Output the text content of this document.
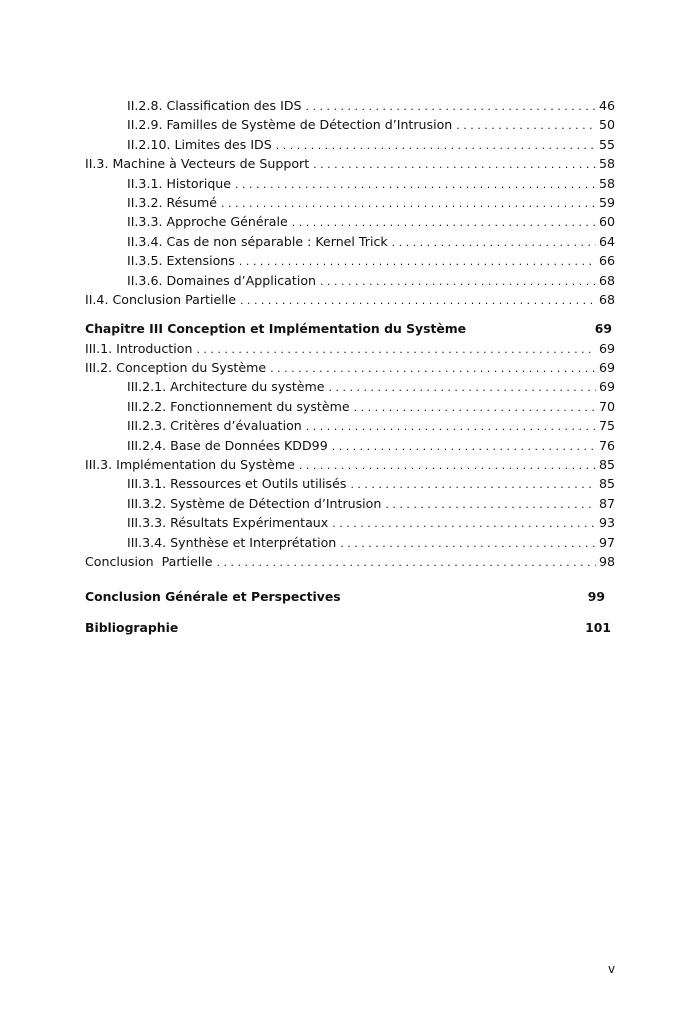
II.2.8. Classification des IDS . . .	46
II.2.9. Familles de Système de Détection d’Intrusion . . .	50
II.2.10. Limites des IDS . . .	55
II.3. Machine à Vecteurs de Support . . .	58
II.3.1. Historique . . .	58
II.3.2. Résumé . . .	59
II.3.3. Approche Générale . . .	60
II.3.4. Cas de non séparable : Kernel Trick . . .	64
II.3.5. Extensions . . .	66
II.3.6. Domaines d’Application . . .	68
II.4. Conclusion Partielle . . .	68
Chapitre III Conception et Implémentation du Système	69
III.1. Introduction . . .	69
III.2. Conception du Système . . .	69
III.2.1. Architecture du système . . .	69
III.2.2. Fonctionnement du système . . .	70
III.2.3. Critères d’évaluation . . .	75
III.2.4. Base de Données KDD99 . . .	76
III.3. Implémentation du Système . . .	85
III.3.1. Ressources et Outils utilisés . . .	85
III.3.2. Système de Détection d’Intrusion . . .	87
III.3.3. Résultats Expérimentaux . . .	93
III.3.4. Synthèse et Interprétation . . .	97
Conclusion  Partielle . . .	98
Conclusion Générale et Perspectives	99
Bibliographie	101
v
